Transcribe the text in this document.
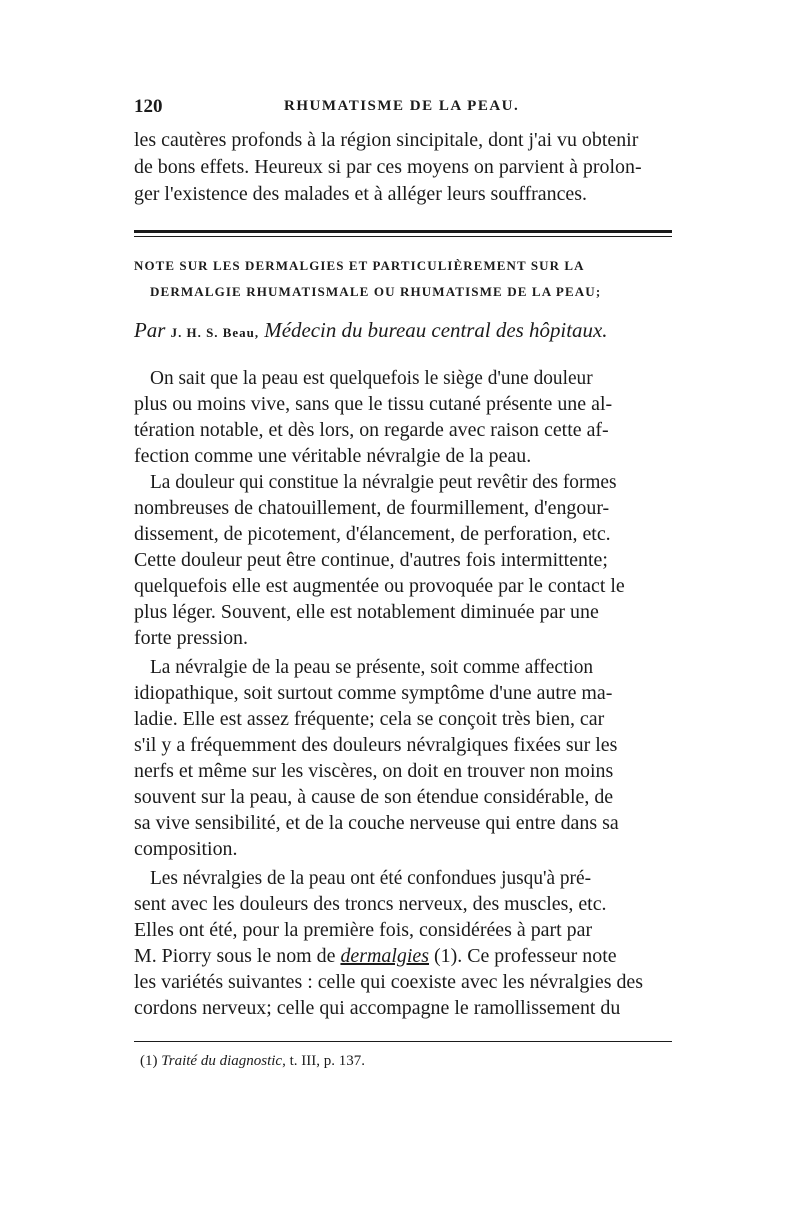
120	RHUMATISME DE LA PEAU.
les cautères profonds à la région sincipitale, dont j'ai vu obtenir
de bons effets. Heureux si par ces moyens on parvient à prolon-
ger l'existence des malades et à alléger leurs souffrances.
NOTE SUR LES DERMALGIES ET PARTICULIÈREMENT SUR LA
DERMALGIE RHUMATISMALE OU RHUMATISME DE LA PEAU;
Par J. H. S. Beau, Médecin du bureau central des hôpitaux.
On sait que la peau est quelquefois le siège d'une douleur
plus ou moins vive, sans que le tissu cutané présente une al-
tération notable, et dès lors, on regarde avec raison cette af-
fection comme une véritable névralgie de la peau.
La douleur qui constitue la névralgie peut revêtir des formes
nombreuses de chatouillement, de fourmillement, d'engour-
dissement, de picotement, d'élancement, de perforation, etc.
Cette douleur peut être continue, d'autres fois intermittente;
quelquefois elle est augmentée ou provoquée par le contact le
plus léger. Souvent, elle est notablement diminuée par une
forte pression.
La névralgie de la peau se présente, soit comme affection
idiopathique, soit surtout comme symptôme d'une autre ma-
ladie. Elle est assez fréquente; cela se conçoit très bien, car
s'il y a fréquemment des douleurs névralgiques fixées sur les
nerfs et même sur les viscères, on doit en trouver non moins
souvent sur la peau, à cause de son étendue considérable, de
sa vive sensibilité, et de la couche nerveuse qui entre dans sa
composition.
Les névralgies de la peau ont été confondues jusqu'à pré-
sent avec les douleurs des troncs nerveux, des muscles, etc.
Elles ont été, pour la première fois, considérées à part par
M. Piorry sous le nom de dermalgies (1). Ce professeur note
les variétés suivantes : celle qui coexiste avec les névralgies des
cordons nerveux; celle qui accompagne le ramollissement du
(1) Traité du diagnostic, t. III, p. 137.
